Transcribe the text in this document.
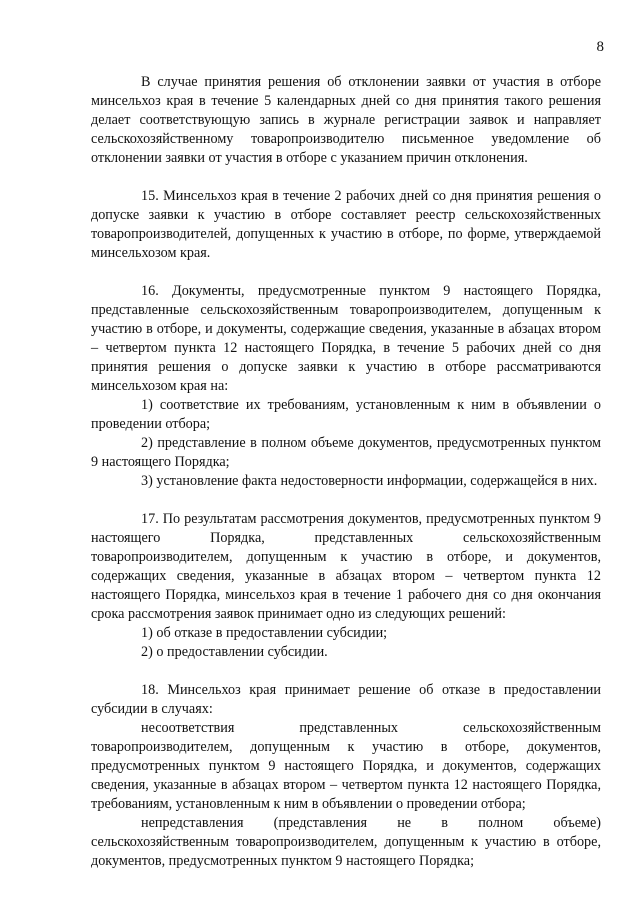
8

В случае принятия решения об отклонении заявки от участия в отборе минсельхоз края в течение 5 календарных дней со дня принятия такого решения делает соответствующую запись в журнале регистрации заявок и направляет сельскохозяйственному товаропроизводителю письменное уведомление об отклонении заявки от участия в отборе с указанием причин отклонения.

15. Минсельхоз края в течение 2 рабочих дней со дня принятия решения о допуске заявки к участию в отборе составляет реестр сельскохозяйственных товаропроизводителей, допущенных к участию в отборе, по форме, утверждаемой минсельхозом края.

16. Документы, предусмотренные пунктом 9 настоящего Порядка, представленные сельскохозяйственным товаропроизводителем, допущенным к участию в отборе, и документы, содержащие сведения, указанные в абзацах втором – четвертом пункта 12 настоящего Порядка, в течение 5 рабочих дней со дня принятия решения о допуске заявки к участию в отборе рассматриваются минсельхозом края на:

1) соответствие их требованиям, установленным к ним в объявлении о проведении отбора;

2) представление в полном объеме документов, предусмотренных пунктом 9 настоящего Порядка;

3) установление факта недостоверности информации, содержащейся в них.

17. По результатам рассмотрения документов, предусмотренных пунктом 9 настоящего Порядка, представленных сельскохозяйственным товаропроизводителем, допущенным к участию в отборе, и документов, содержащих сведения, указанные в абзацах втором – четвертом пункта 12 настоящего Порядка, минсельхоз края в течение 1 рабочего дня со дня окончания срока рассмотрения заявок принимает одно из следующих решений:

1) об отказе в предоставлении субсидии;

2) о предоставлении субсидии.

18. Минсельхоз края принимает решение об отказе в предоставлении субсидии в случаях:

несоответствия представленных сельскохозяйственным товаропроизводителем, допущенным к участию в отборе, документов, предусмотренных пунктом 9 настоящего Порядка, и документов, содержащих сведения, указанные в абзацах втором – четвертом пункта 12 настоящего Порядка, требованиям, установленным к ним в объявлении о проведении отбора;

непредставления (представления не в полном объеме) сельскохозяйственным товаропроизводителем, допущенным к участию в отборе, документов, предусмотренных пунктом 9 настоящего Порядка;
